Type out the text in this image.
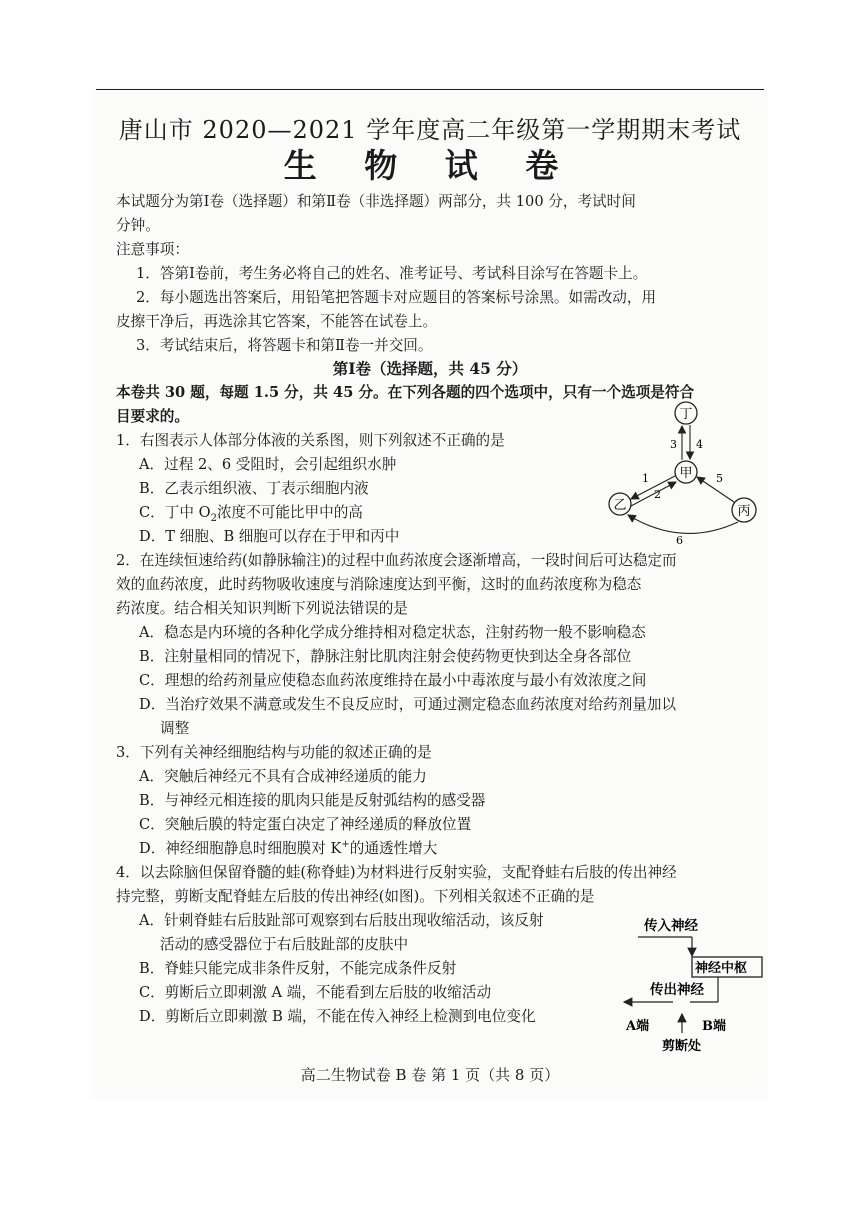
唐山市 2020—2021 学年度高二年级第一学期期末考试
生 物 试 卷
本试题分为第Ⅰ卷（选择题）和第Ⅱ卷（非选择题）两部分，共 100 分，考试时间
分钟。
注意事项：
1．答第Ⅰ卷前，考生务必将自己的姓名、准考证号、考试科目涂写在答题卡上。
2．每小题选出答案后，用铅笔把答题卡对应题目的答案标号涂黑。如需改动，用
皮擦干净后，再选涂其它答案，不能答在试卷上。
3．考试结束后，将答题卡和第Ⅱ卷一并交回。
第Ⅰ卷（选择题，共 45 分）
本卷共 30 题，每题 1.5 分，共 45 分。在下列各题的四个选项中，只有一个选项是符合
目要求的。
1．右图表示人体部分体液的关系图，则下列叙述不正确的是
A．过程 2、6 受阻时，会引起组织水肿
B．乙表示组织液、丁表示细胞内液
C．丁中 $O_2$浓度不可能比甲中的高
D．T 细胞、B 细胞可以存在于甲和丙中
丁
甲
乙	丙
3 4
1
2
5
6
2．在连续恒速给药(如静脉输注)的过程中血药浓度会逐渐增高，一段时间后可达稳定而
效的血药浓度，此时药物吸收速度与消除速度达到平衡，这时的血药浓度称为稳态
药浓度。结合相关知识判断下列说法错误的是
A．稳态是内环境的各种化学成分维持相对稳定状态，注射药物一般不影响稳态
B．注射量相同的情况下，静脉注射比肌肉注射会使药物更快到达全身各部位
C．理想的给药剂量应使稳态血药浓度维持在最小中毒浓度与最小有效浓度之间
D．当治疗效果不满意或发生不良反应时，可通过测定稳态血药浓度对给药剂量加以
调整
3．下列有关神经细胞结构与功能的叙述正确的是
A．突触后神经元不具有合成神经递质的能力
B．与神经元相连接的肌肉只能是反射弧结构的感受器
C．突触后膜的特定蛋白决定了神经递质的释放位置
D．神经细胞静息时细胞膜对 K+的通透性增大
4．以去除脑但保留脊髓的蛙(称脊蛙)为材料进行反射实验，支配脊蛙右后肢的传出神经
持完整，剪断支配脊蛙左后肢的传出神经(如图)。下列相关叙述不正确的是
A．针刺脊蛙右后肢趾部可观察到右后肢出现收缩活动，该反射
活动的感受器位于右后肢趾部的皮肤中
B．脊蛙只能完成非条件反射，不能完成条件反射
C．剪断后立即刺激 A 端，不能看到左后肢的收缩活动
D．剪断后立即刺激 B 端，不能在传入神经上检测到电位变化
传入神经
神经中枢
传出神经
A端	B端
剪断处
高二生物试卷 B 卷 第 1 页（共 8 页）
